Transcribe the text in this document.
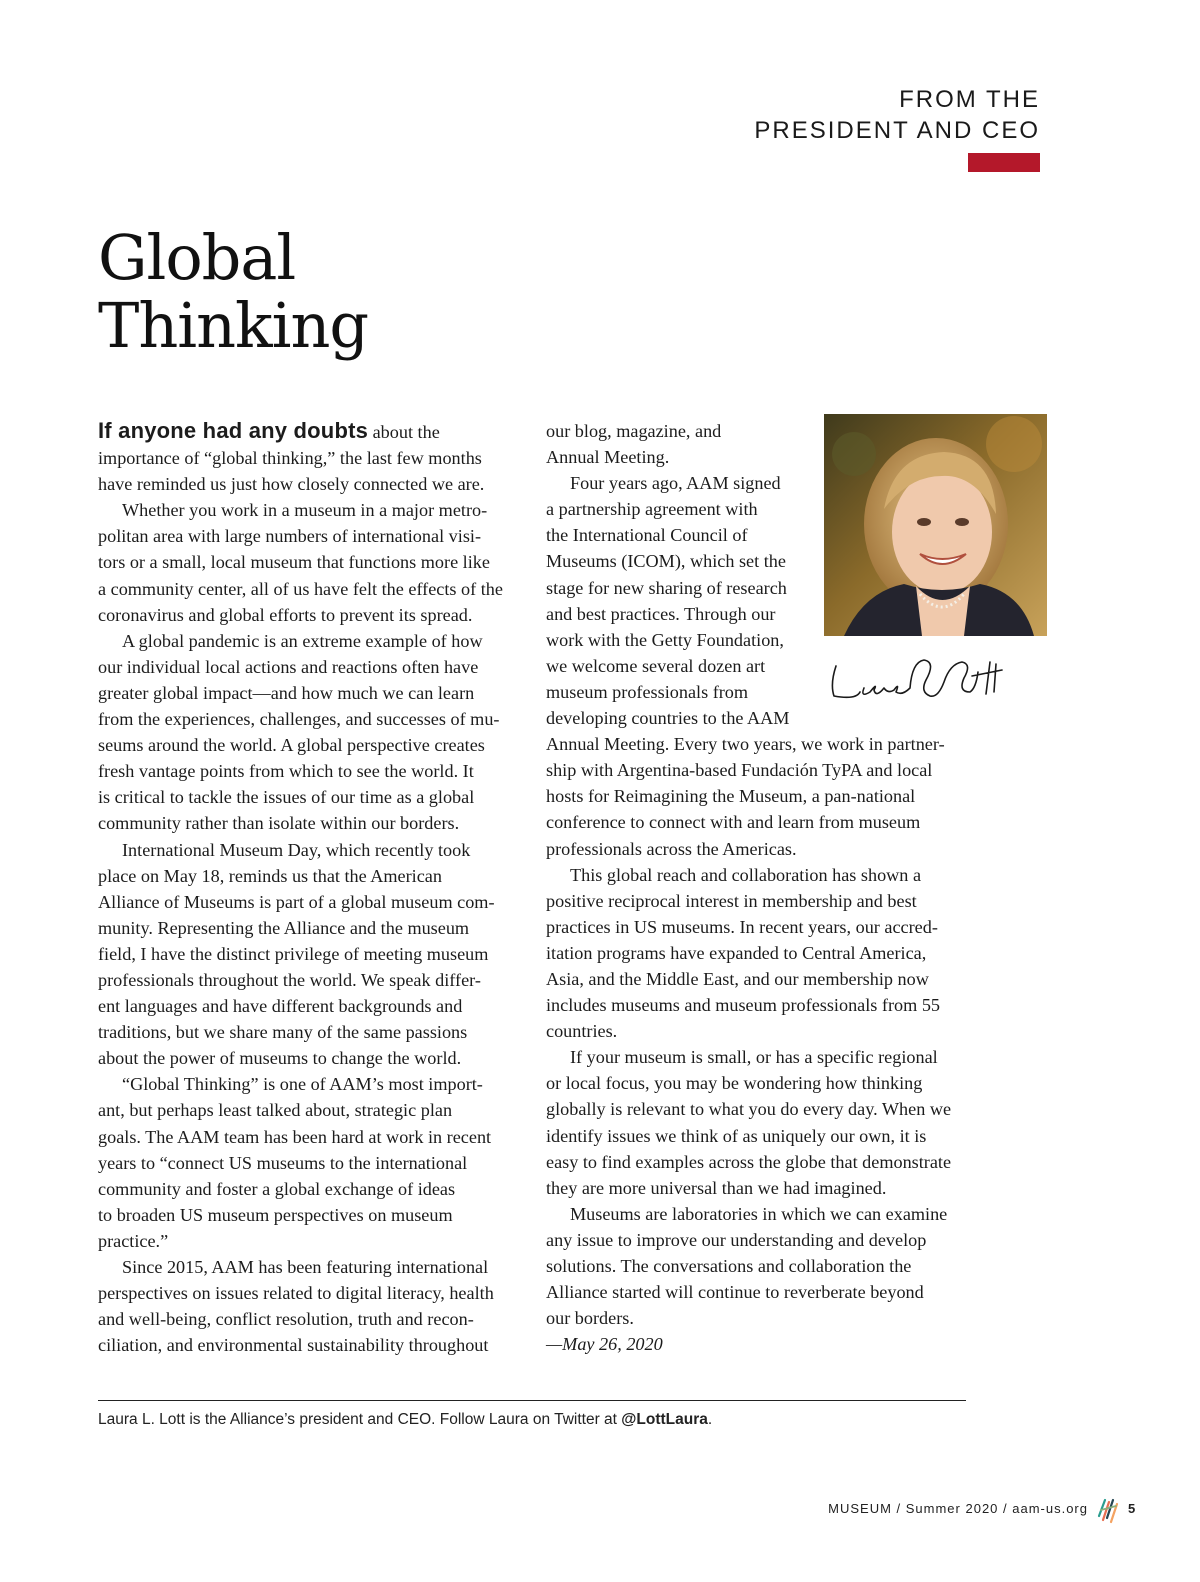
FROM THE
PRESIDENT AND CEO
Global
Thinking
If anyone had any doubts about the
importance of “global thinking,” the last few months
have reminded us just how closely connected we are.
Whether you work in a museum in a major metro-
politan area with large numbers of international visi-
tors or a small, local museum that functions more like
a community center, all of us have felt the effects of the
coronavirus and global efforts to prevent its spread.
A global pandemic is an extreme example of how
our individual local actions and reactions often have
greater global impact—and how much we can learn
from the experiences, challenges, and successes of mu-
seums around the world. A global perspective creates
fresh vantage points from which to see the world. It
is critical to tackle the issues of our time as a global
community rather than isolate within our borders.
International Museum Day, which recently took
place on May 18, reminds us that the American
Alliance of Museums is part of a global museum com-
munity. Representing the Alliance and the museum
field, I have the distinct privilege of meeting museum
professionals throughout the world. We speak differ-
ent languages and have different backgrounds and
traditions, but we share many of the same passions
about the power of museums to change the world.
“Global Thinking” is one of AAM’s most import-
ant, but perhaps least talked about, strategic plan
goals. The AAM team has been hard at work in recent
years to “connect US museums to the international
community and foster a global exchange of ideas
to broaden US museum perspectives on museum
practice.”
Since 2015, AAM has been featuring international
perspectives on issues related to digital literacy, health
and well-being, conflict resolution, truth and recon-
ciliation, and environmental sustainability throughout
our blog, magazine, and
Annual Meeting.
Four years ago, AAM signed
a partnership agreement with
the International Council of
Museums (ICOM), which set the
stage for new sharing of research
and best practices. Through our
work with the Getty Foundation,
we welcome several dozen art
museum professionals from
developing countries to the AAM
Annual Meeting. Every two years, we work in partner-
ship with Argentina-based Fundación TyPA and local
hosts for Reimagining the Museum, a pan-national
conference to connect with and learn from museum
professionals across the Americas.
This global reach and collaboration has shown a
positive reciprocal interest in membership and best
practices in US museums. In recent years, our accred-
itation programs have expanded to Central America,
Asia, and the Middle East, and our membership now
includes museums and museum professionals from 55
countries.
If your museum is small, or has a specific regional
or local focus, you may be wondering how thinking
globally is relevant to what you do every day. When we
identify issues we think of as uniquely our own, it is
easy to find examples across the globe that demonstrate
they are more universal than we had imagined.
Museums are laboratories in which we can examine
any issue to improve our understanding and develop
solutions. The conversations and collaboration the
Alliance started will continue to reverberate beyond
our borders.
—May 26, 2020
Laura L. Lott is the Alliance’s president and CEO. Follow Laura on Twitter at @LottLaura.
MUSEUM / Summer 2020 / aam-us.org	5
